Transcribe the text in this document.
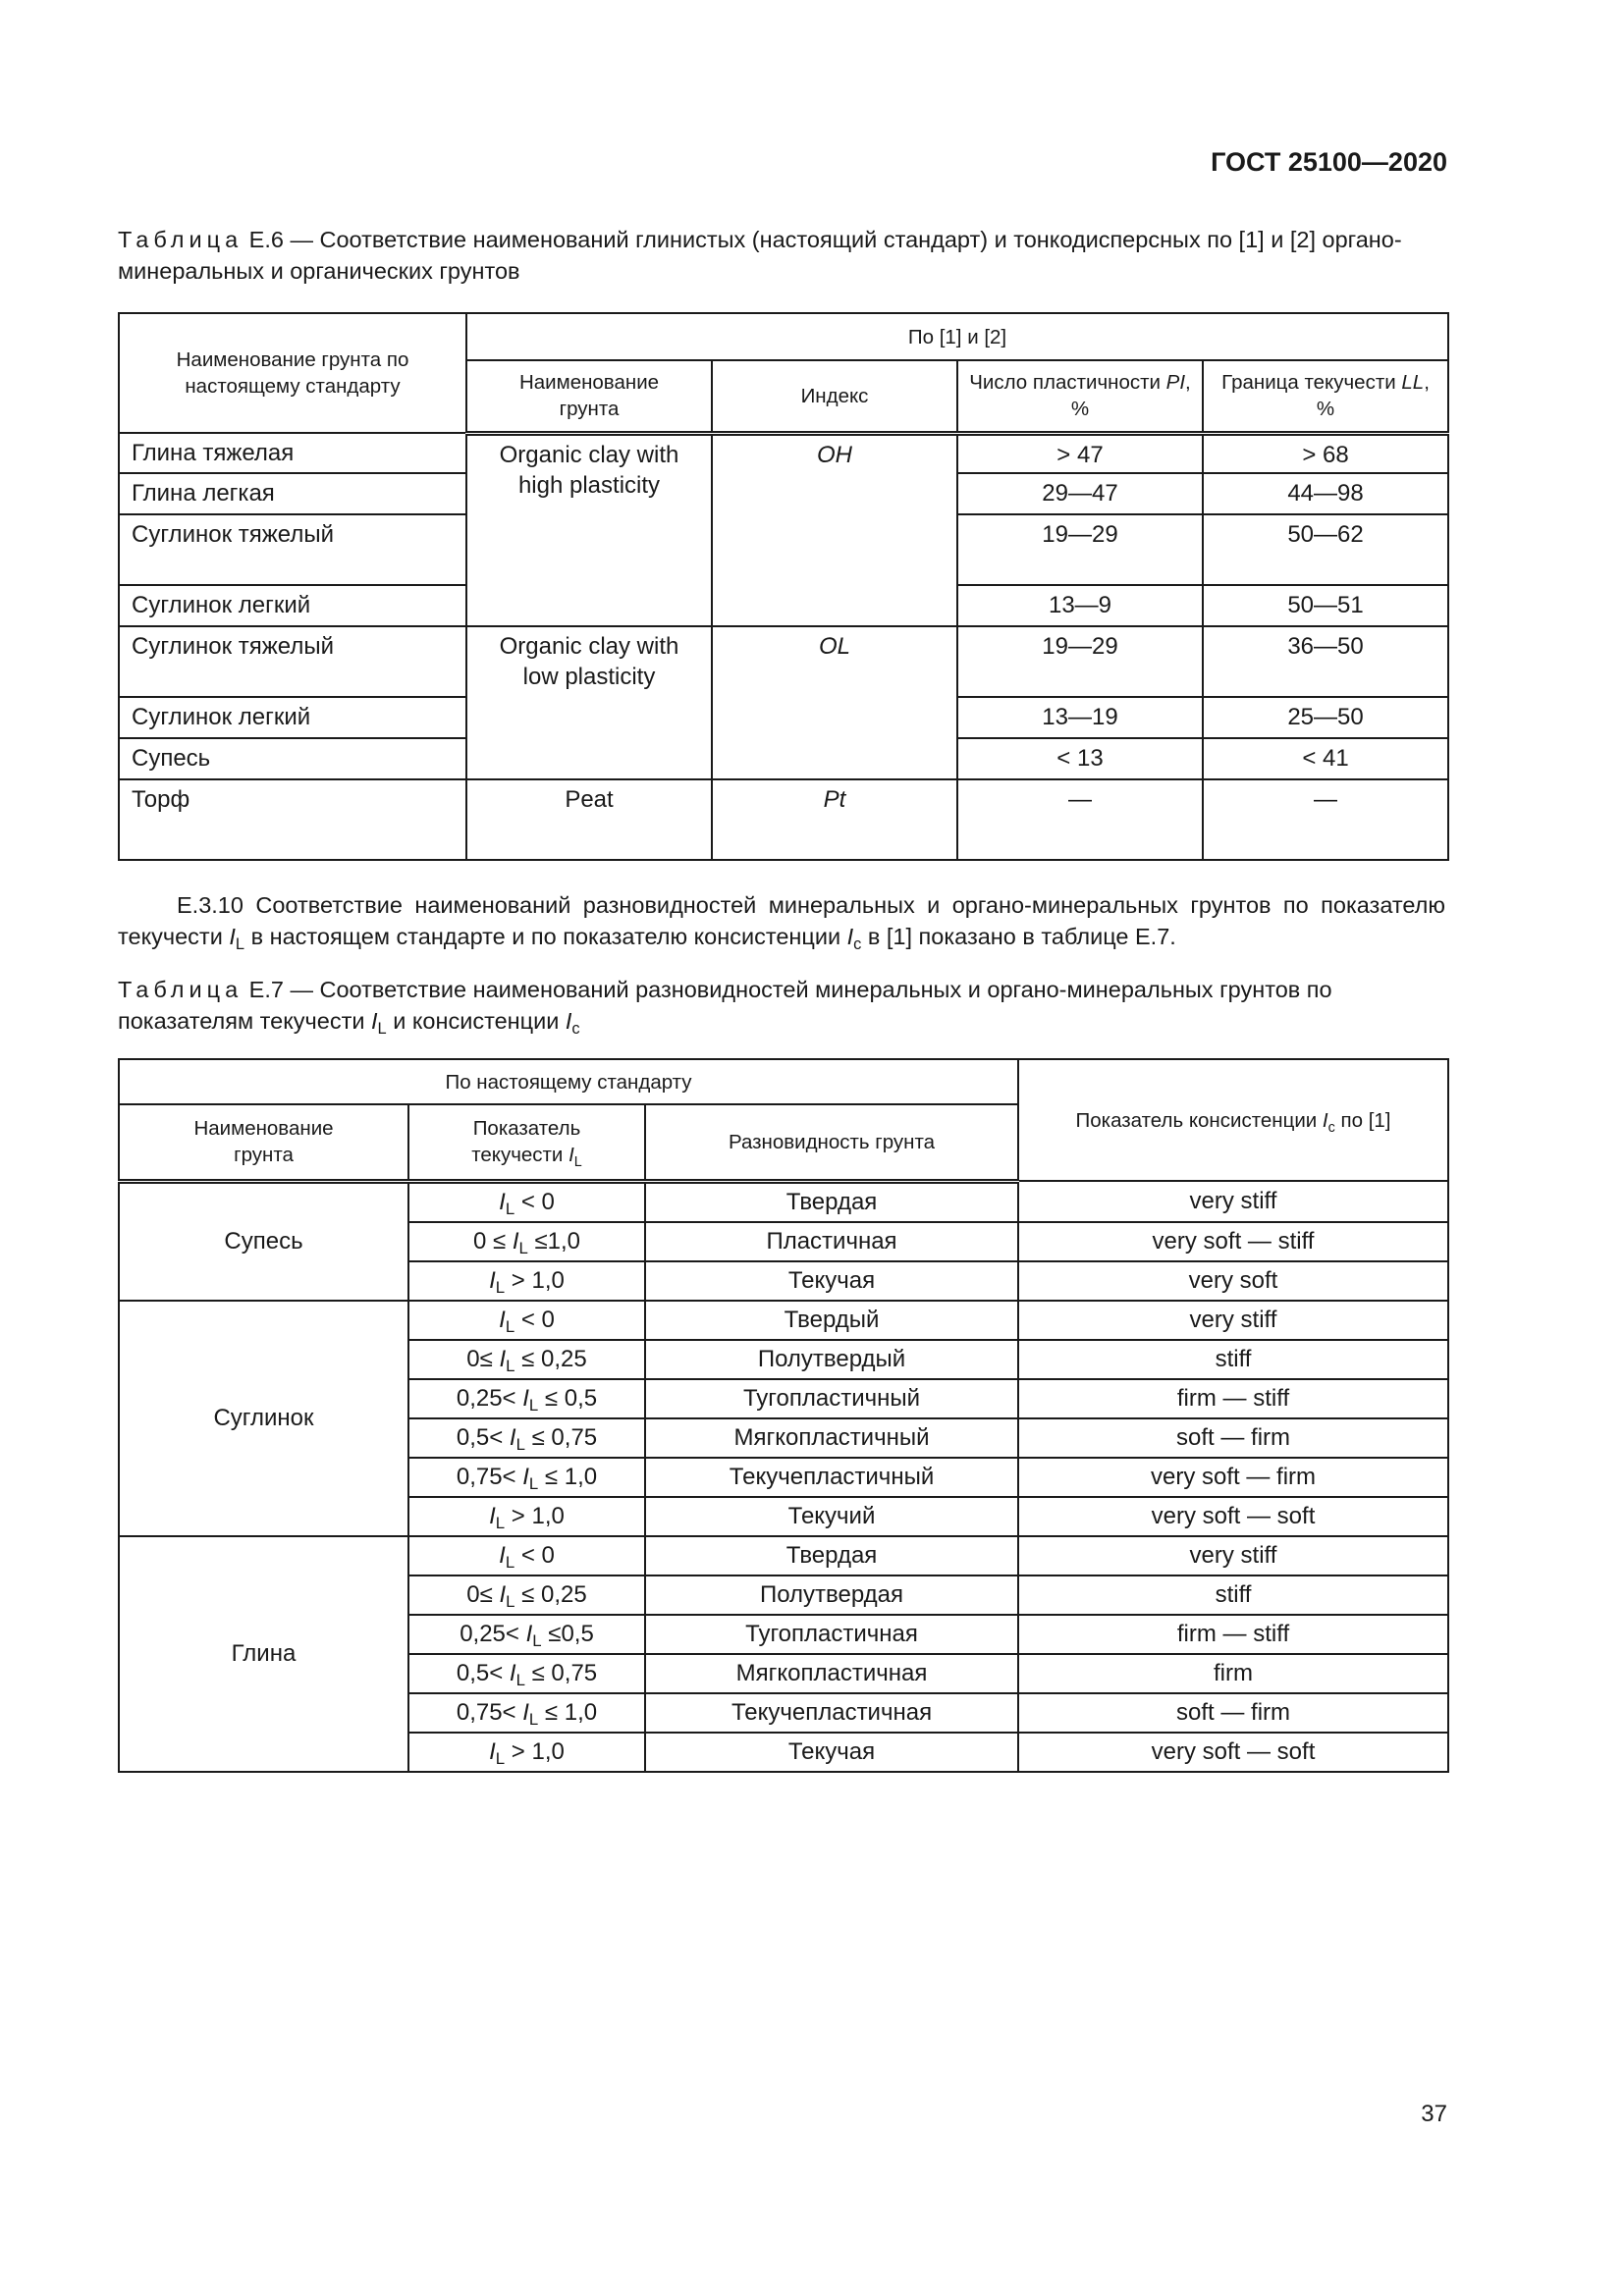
ГОСТ 25100—2020
Таблица Е.6 — Соответствие наименований глинистых (настоящий стандарт) и тонкодисперсных по [1] и [2] органо-минеральных и органических грунтов
Наименование грунта по настоящему стандарту	По [1] и [2]			
	Наименование грунта	Индекс	Число пластичности PI, %	Граница текучести LL, %
Глина тяжелая	Organic clay with high plasticity	OH	> 47	> 68
Глина легкая			29—47	44—98
Суглинок тяжелый			19—29	50—62
Суглинок легкий			13—9	50—51
Суглинок тяжелый	Organic clay with low plasticity	OL	19—29	36—50
Суглинок легкий			13—19	25—50
Супесь			< 13	< 41
Торф	Peat	Pt	—	—
Е.3.10 Соответствие наименований разновидностей минеральных и органо-минеральных грунтов по показателю текучести $I_L$ в настоящем стандарте и по показателю консистенции $I_c$ в [1] показано в таблице Е.7.
Таблица Е.7 — Соответствие наименований разновидностей минеральных и органо-минеральных грунтов по показателям текучести $I_L$ и консистенции $I_c$
По настоящему стандарту			Показатель консистенции $I_c$ по [1]
Наименование грунта	Показатель текучести $I_L$	Разновидность грунта	
Супесь	$I_L < 0$	Твердая	very stiff
	$0 \le I_L \le 1,0$	Пластичная	very soft — stiff
	$I_L > 1,0$	Текучая	very soft
Суглинок	$I_L < 0$	Твердый	very stiff
	$0\le I_L \le 0,25$	Полутвердый	stiff
	$0,25< I_L \le 0,5$	Тугопластичный	firm — stiff
	$0,5< I_L \le 0,75$	Мягкопластичный	soft — firm
	$0,75< I_L \le 1,0$	Текучепластичный	very soft — firm
	$I_L > 1,0$	Текучий	very soft — soft
Глина	$I_L < 0$	Твердая	very stiff
	$0\le I_L \le 0,25$	Полутвердая	stiff
	$0,25< I_L \le 0,5$	Тугопластичная	firm — stiff
	$0,5< I_L \le 0,75$	Мягкопластичная	firm
	$0,75< I_L \le 1,0$	Текучепластичная	soft — firm
	$I_L > 1,0$	Текучая	very soft — soft
37
